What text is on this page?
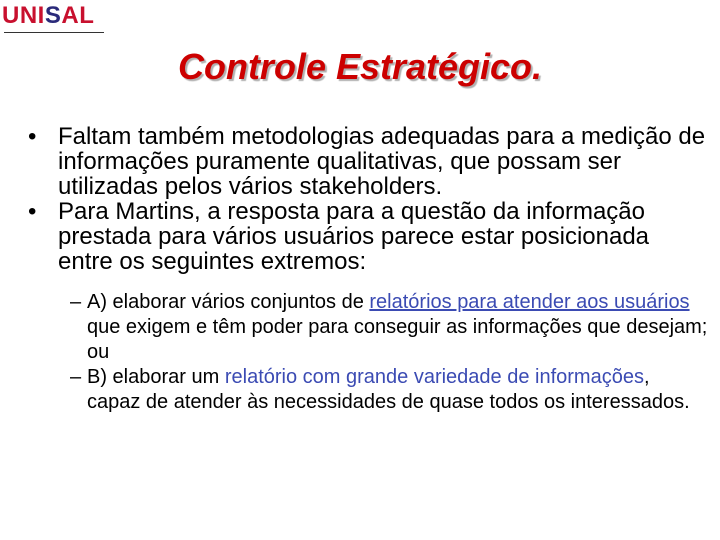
UNISAL
Controle Estratégico.

• Faltam também metodologias adequadas para a medição de informações puramente qualitativas, que possam ser utilizadas pelos vários stakeholders.

• Para Martins, a resposta para a questão da informação prestada para vários usuários parece estar posicionada entre os seguintes extremos:

– A) elaborar vários conjuntos de relatórios para atender aos usuários que exigem e têm poder para conseguir as informações que desejam; ou
– B) elaborar um relatório com grande variedade de informações, capaz de atender às necessidades de quase todos os interessados.
